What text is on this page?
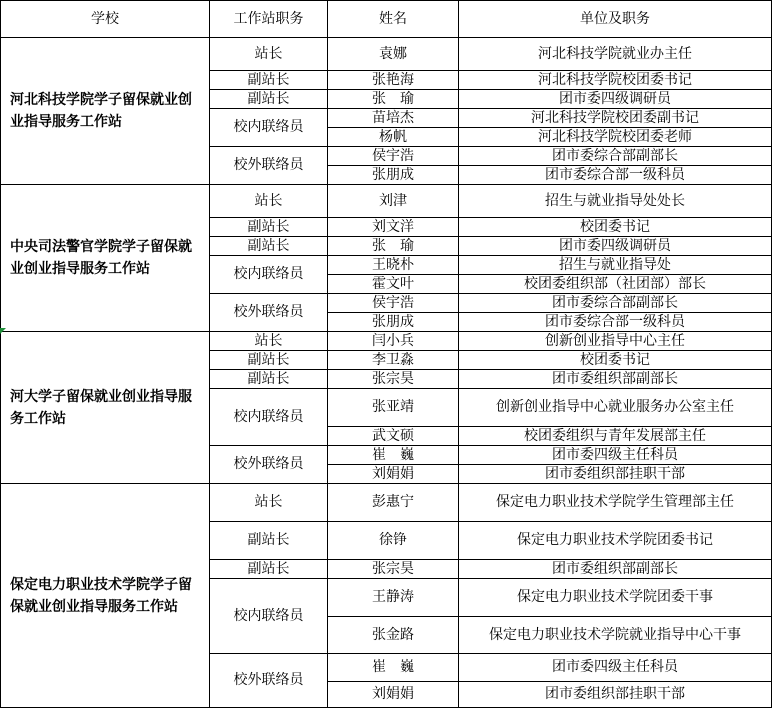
学校	工作站职务	姓名	单位及职务

河北科技学院学子留保就业创业指导服务工作站	站长	袁娜	河北科技学院就业办主任
	副站长	张艳海	河北科技学院校团委书记
	副站长	张　瑜	团市委四级调研员
	校内联络员	苗培杰	河北科技学院校团委副书记
		杨帆	河北科技学院校团委老师
	校外联络员	侯宇浩	团市委综合部副部长
		张朋成	团市委综合部一级科员

中央司法警官学院学子留保就业创业指导服务工作站	站长	刘津	招生与就业指导处处长
	副站长	刘文洋	校团委书记
	副站长	张　瑜	团市委四级调研员
	校内联络员	王晓朴	招生与就业指导处
		霍文叶	校团委组织部（社团部）部长
	校外联络员	侯宇浩	团市委综合部副部长
		张朋成	团市委综合部一级科员

河大学子留保就业创业指导服务工作站	站长	闫小兵	创新创业指导中心主任
	副站长	李卫淼	校团委书记
	副站长	张宗昊	团市委组织部副部长
	校内联络员	张亚靖	创新创业指导中心就业服务办公室主任
		武文硕	校团委组织与青年发展部主任
	校外联络员	崔　巍	团市委四级主任科员
		刘娟娟	团市委组织部挂职干部

保定电力职业技术学院学子留保就业创业指导服务工作站	站长	彭惠宁	保定电力职业技术学院学生管理部主任
	副站长	徐铮	保定电力职业技术学院团委书记
	副站长	张宗昊	团市委组织部副部长
	校内联络员	王静涛	保定电力职业技术学院团委干事
		张金路	保定电力职业技术学院就业指导中心干事
	校外联络员	崔　巍	团市委四级主任科员
		刘娟娟	团市委组织部挂职干部
